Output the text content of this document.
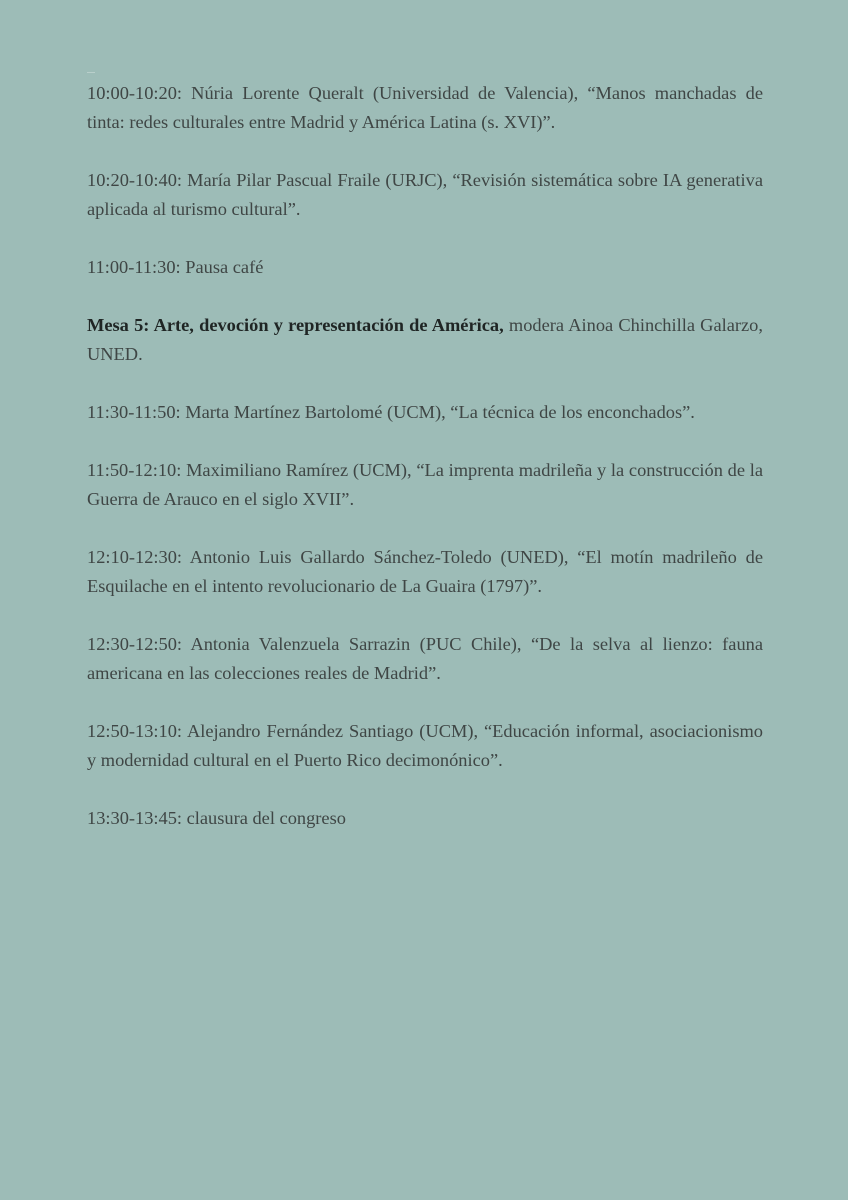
10:00-10:20: Núria Lorente Queralt (Universidad de Valencia), “Manos manchadas de tinta: redes culturales entre Madrid y América Latina (s. XVI)”.

10:20-10:40: María Pilar Pascual Fraile (URJC), “Revisión sistemática sobre IA generativa aplicada al turismo cultural”.

11:00-11:30: Pausa café

Mesa 5: Arte, devoción y representación de América, modera Ainoa Chinchilla Galarzo, UNED.

11:30-11:50: Marta Martínez Bartolomé (UCM), “La técnica de los enconchados”.

11:50-12:10: Maximiliano Ramírez (UCM), “La imprenta madrileña y la construcción de la Guerra de Arauco en el siglo XVII”.

12:10-12:30: Antonio Luis Gallardo Sánchez-Toledo (UNED), “El motín madrileño de Esquilache en el intento revolucionario de La Guaira (1797)”.

12:30-12:50: Antonia Valenzuela Sarrazin (PUC Chile), “De la selva al lienzo: fauna americana en las colecciones reales de Madrid”.

12:50-13:10: Alejandro Fernández Santiago (UCM), “Educación informal, asociacionismo y modernidad cultural en el Puerto Rico decimonónico”.

13:30-13:45: clausura del congreso
